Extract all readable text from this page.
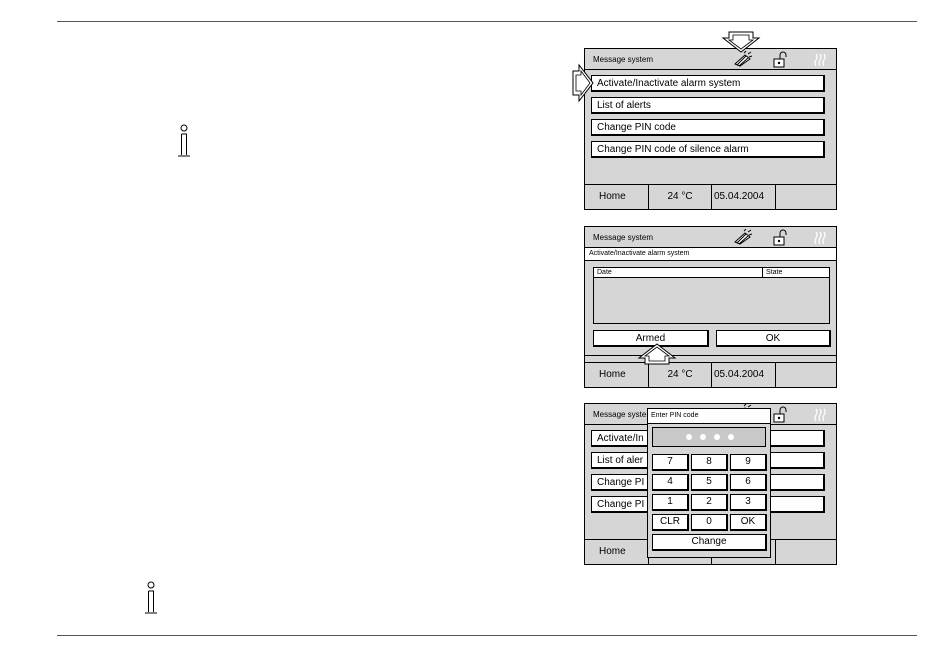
Message system
Activate/Inactivate alarm system
List of alerts
Change PIN code
Change PIN code of silence alarm
Home	24 °C	05.04.2004
Message system
Activate/Inactivate alarm system
Date	State
Armed	OK
Home	24 °C	05.04.2004
Message syste
Activate/In
List of aler
Change PI
Change PI
Home
Enter PIN code
7	8	9
4	5	6
1	2	3
CLR	0	OK
Change
